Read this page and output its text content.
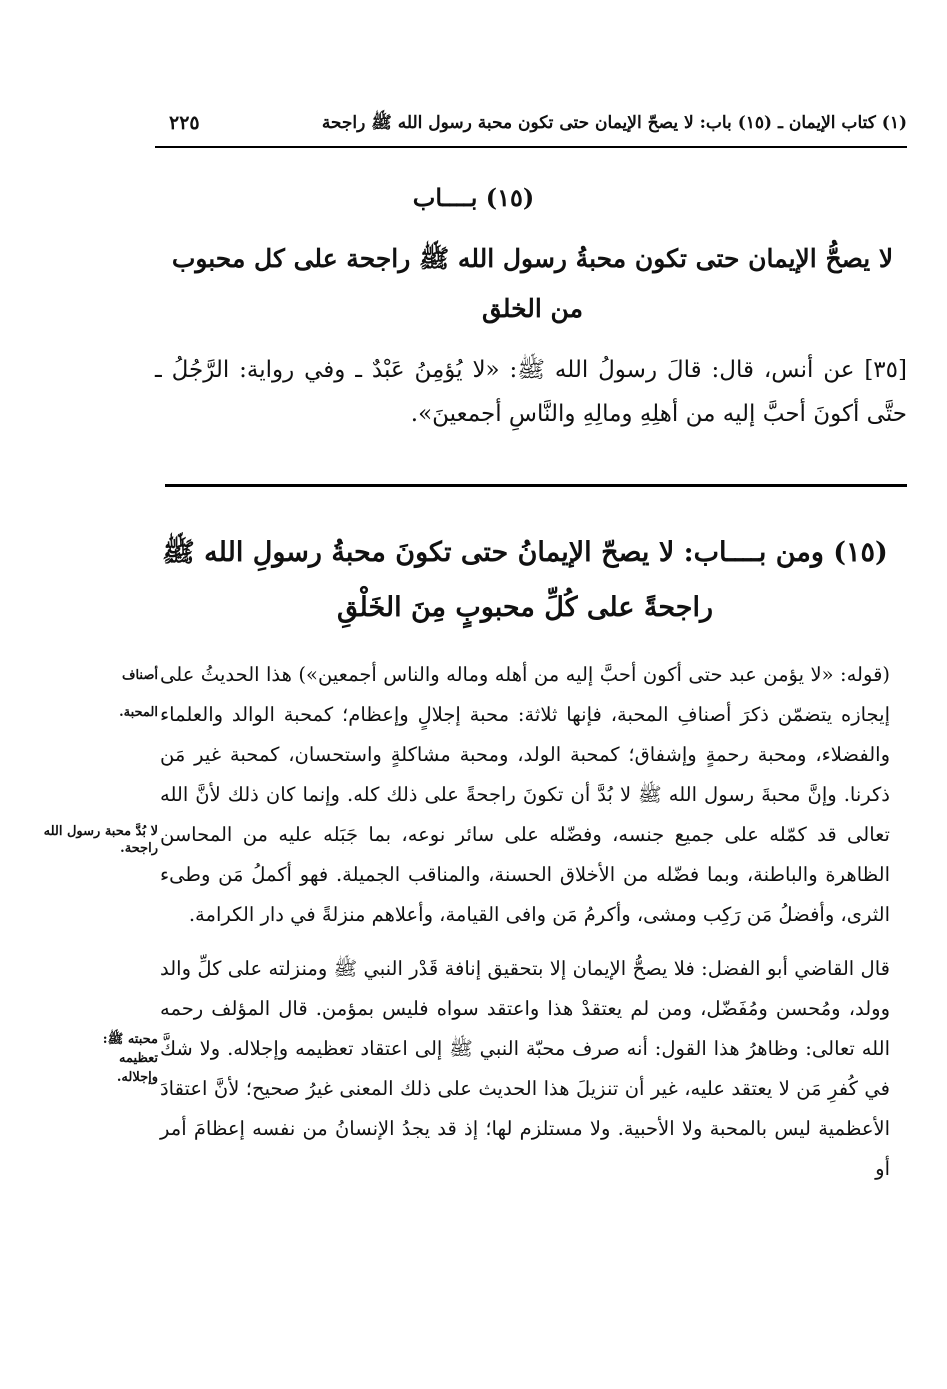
(١) كتاب الإيمان ـ (١٥) باب: لا يصحّ الإيمان حتى تكون محبة رسول الله ﷺ راجحة
٢٢٥
(١٥) بــــاب
لا يصحُّ الإيمان حتى تكون محبةُ رسول الله ﷺ راجحة على كل محبوب من الخلق
[٣٥] عن أنس، قال: قالَ رسولُ الله ﷺ: «لا يُؤمِنُ عَبْدٌ ـ وفي رواية: الرَّجُلُ ـ حتَّى أكونَ أحبَّ إليه من أهلِهِ ومالِهِ والنَّاسِ أجمعينَ».
(١٥) ومن بــــاب: لا يصحّ الإيمانُ حتى تكونَ محبةُ رسولِ الله ﷺ راجحةً على كُلِّ محبوبٍ مِنَ الخَلْقِ

(قوله: «لا يؤمن عبد حتى أكون أحبَّ إليه من أهله وماله والناس أجمعين») هذا الحديثُ على إيجازه يتضمّن ذكرَ أصنافِ المحبة، فإنها ثلاثة: محبة إجلالٍ وإعظام؛ كمحبة الوالد والعلماء والفضلاء، ومحبة رحمةٍ وإشفاق؛ كمحبة الولد، ومحبة مشاكلةٍ واستحسان، كمحبة غير مَن ذكرنا. وإنَّ محبةَ رسول الله ﷺ لا بُدَّ أن تكونَ راجحةً على ذلك كله. وإنما كان ذلك لأنَّ الله تعالى قد كمّله على جميع جنسه، وفضّله على سائر نوعه، بما جَبَله عليه من المحاسن الظاهرة والباطنة، وبما فضّله من الأخلاق الحسنة، والمناقب الجميلة. فهو أكملُ مَن وطىء الثرى، وأفضلُ مَن رَكِب ومشى، وأكرمُ مَن وافى القيامة، وأعلاهم منزلةً في دار الكرامة.

قال القاضي أبو الفضل: فلا يصحُّ الإيمان إلا بتحقيق إنافة قَدْر النبي ﷺ ومنزلته على كلِّ والد وولد، ومُحسن ومُفَضّل، ومن لم يعتقدْ هذا واعتقد سواه فليس بمؤمن. قال المؤلف رحمه الله تعالى: وظاهرُ هذا القول: أنه صرف محبّة النبي ﷺ إلى اعتقاد تعظيمه وإجلاله. ولا شكَّ في كُفرِ مَن لا يعتقد عليه، غير أن تنزيلَ هذا الحديث على ذلك المعنى غيرُ صحيح؛ لأنَّ اعتقادَ الأعظمية ليس بالمحبة ولا الأحبية. ولا مستلزم لها؛ إذ قد يجدُ الإنسانُ من نفسه إعظامَ أمر أو

أصناف
المحبة.
لا بُدَّ محبة رسول الله
راجحة.
محبته ﷺ: تعظيمه وإجلاله.
